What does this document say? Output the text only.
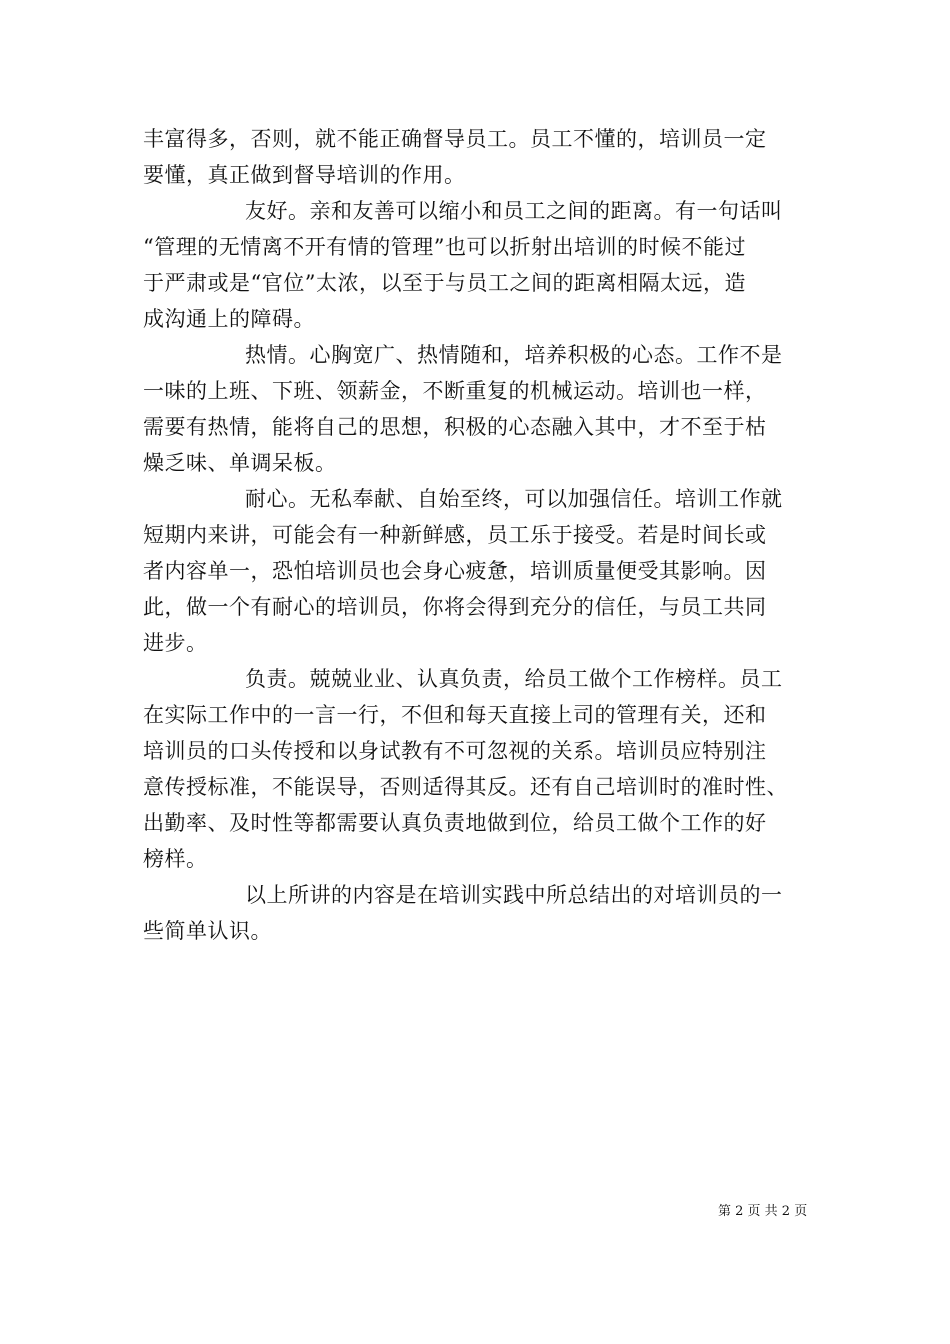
丰富得多，否则，就不能正确督导员工。员工不懂的，培训员一定
要懂，真正做到督导培训的作用。
友好。亲和友善可以缩小和员工之间的距离。有一句话叫
“管理的无情离不开有情的管理”也可以折射出培训的时候不能过
于严肃或是“官位”太浓，以至于与员工之间的距离相隔太远，造
成沟通上的障碍。
热情。心胸宽广、热情随和，培养积极的心态。工作不是
一味的上班、下班、领薪金，不断重复的机械运动。培训也一样，
需要有热情，能将自己的思想，积极的心态融入其中，才不至于枯
燥乏味、单调呆板。
耐心。无私奉献、自始至终，可以加强信任。培训工作就
短期内来讲，可能会有一种新鲜感，员工乐于接受。若是时间长或
者内容单一，恐怕培训员也会身心疲惫，培训质量便受其影响。因
此，做一个有耐心的培训员，你将会得到充分的信任，与员工共同
进步。
负责。兢兢业业、认真负责，给员工做个工作榜样。员工
在实际工作中的一言一行，不但和每天直接上司的管理有关，还和
培训员的口头传授和以身试教有不可忽视的关系。培训员应特别注
意传授标准，不能误导，否则适得其反。还有自己培训时的准时性、
出勤率、及时性等都需要认真负责地做到位，给员工做个工作的好
榜样。
以上所讲的内容是在培训实践中所总结出的对培训员的一
些简单认识。
第 2 页 共 2 页
